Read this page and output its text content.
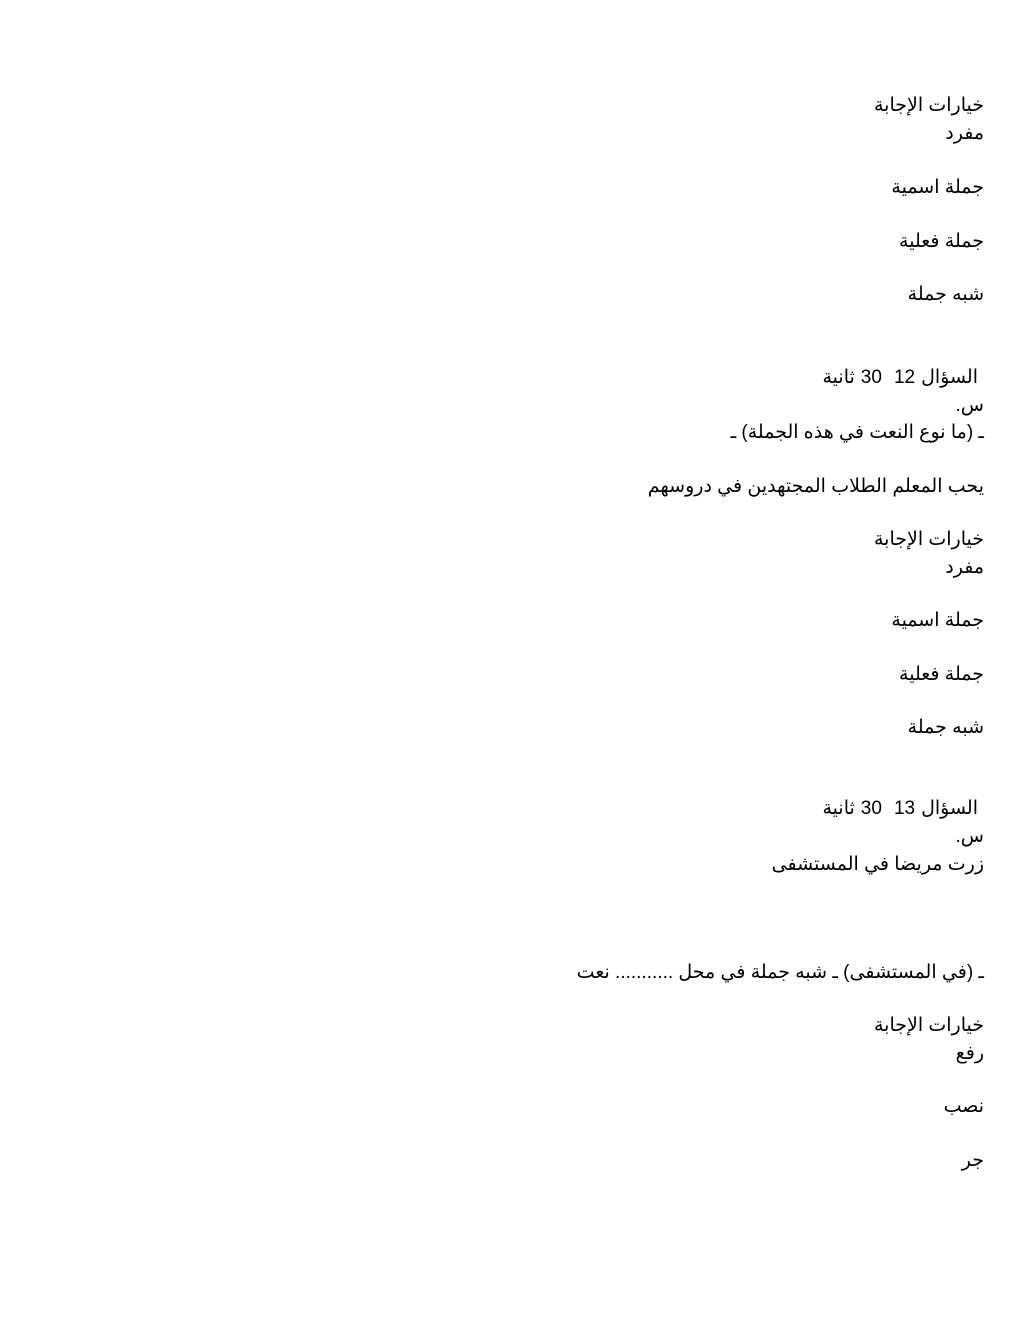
خيارات الإجابة
مفرد
جملة اسمية
جملة فعلية
شبه جملة
السؤال1230ثانية
س.
ـ (ما نوع النعت في هذه الجملة) ـ
يحب المعلم الطلاب المجتهدين في دروسهم
خيارات الإجابة
مفرد
جملة اسمية
جملة فعلية
شبه جملة
السؤال1330ثانية
س.
زرت مريضا في المستشفى
ـ (في المستشفى) ـ شبه جملة في محل ........... نعت
خيارات الإجابة
رفع
نصب
جر
